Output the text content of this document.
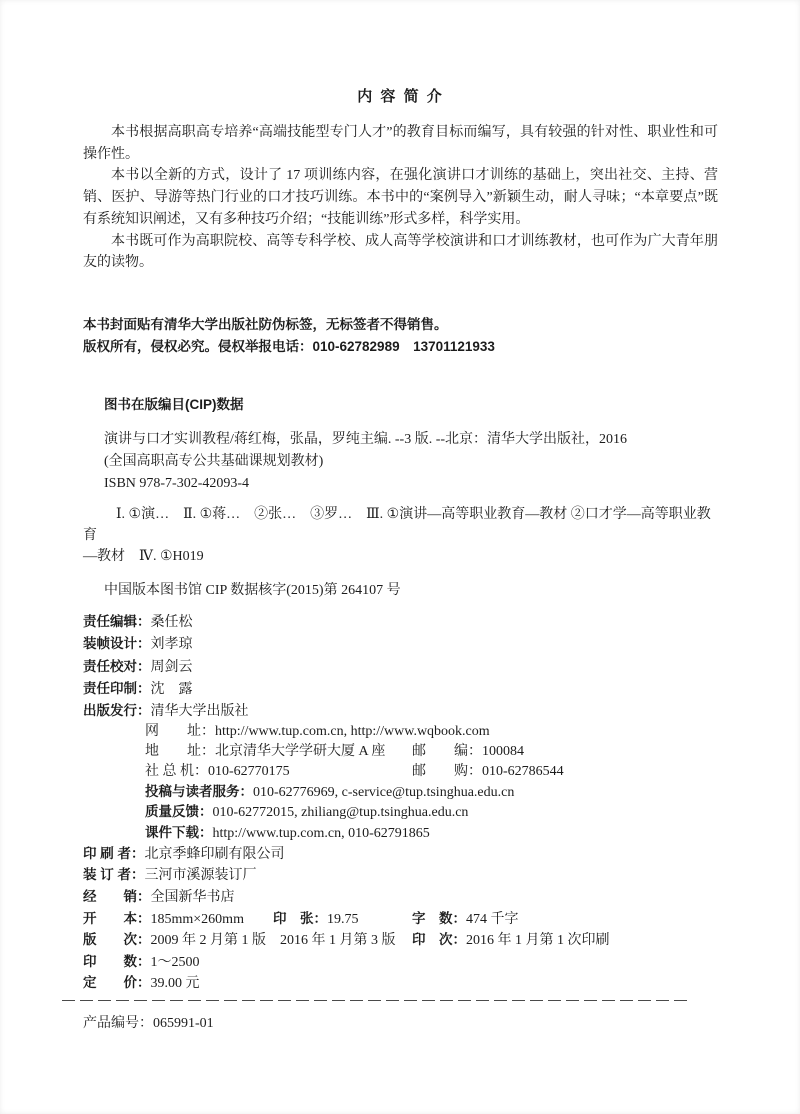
内 容 简 介

本书根据高职高专培养“高端技能型专门人才”的教育目标而编写，具有较强的针对性、职业性和可操作性。

本书以全新的方式，设计了 17 项训练内容，在强化演讲口才训练的基础上，突出社交、主持、营销、医护、导游等热门行业的口才技巧训练。本书中的“案例导入”新颖生动，耐人寻味；“本章要点”既有系统知识阐述，又有多种技巧介绍；“技能训练”形式多样，科学实用。

本书既可作为高职院校、高等专科学校、成人高等学校演讲和口才训练教材，也可作为广大青年朋友的读物。

本书封面贴有清华大学出版社防伪标签，无标签者不得销售。

版权所有，侵权必究。侵权举报电话：010-62782989　13701121933

图书在版编目(CIP)数据

演讲与口才实训教程/蒋红梅，张晶，罗纯主编. --3 版. --北京：清华大学出版社，2016

(全国高职高专公共基础课规划教材)

ISBN 978-7-302-42093-4

Ⅰ. ①演…　Ⅱ. ①蒋…　②张…　③罗…　Ⅲ. ①演讲—高等职业教育—教材 ②口才学—高等职业教育

—教材　Ⅳ. ①H019

中国版本图书馆 CIP 数据核字(2015)第 264107 号

责任编辑：桑任松

装帧设计：刘孝琼

责任校对：周剑云

责任印制：沈　露

出版发行：清华大学出版社

网　　址：http://www.tup.com.cn, http://www.wqbook.com

地　　址：北京清华大学学研大厦 A 座 邮　　编：100084

社 总 机：010-62770175	邮　　购：010-62786544

投稿与读者服务：010-62776969, c-service@tup.tsinghua.edu.cn

质量反馈：010-62772015, zhiliang@tup.tsinghua.edu.cn

课件下载：http://www.tup.com.cn, 010-62791865

印 刷 者：北京季蜂印刷有限公司

装 订 者：三河市溪源装订厂

经　　销：全国新华书店

开　　本：185mm×260mm 印　张：19.75	字　数：474 千字

版　　次：2009 年 2 月第 1 版　2016 年 1 月第 3 版 印　次：2016 年 1 月第 1 次印刷

印　　数：1～2500

定　　价：39.00 元

产品编号：065991-01
